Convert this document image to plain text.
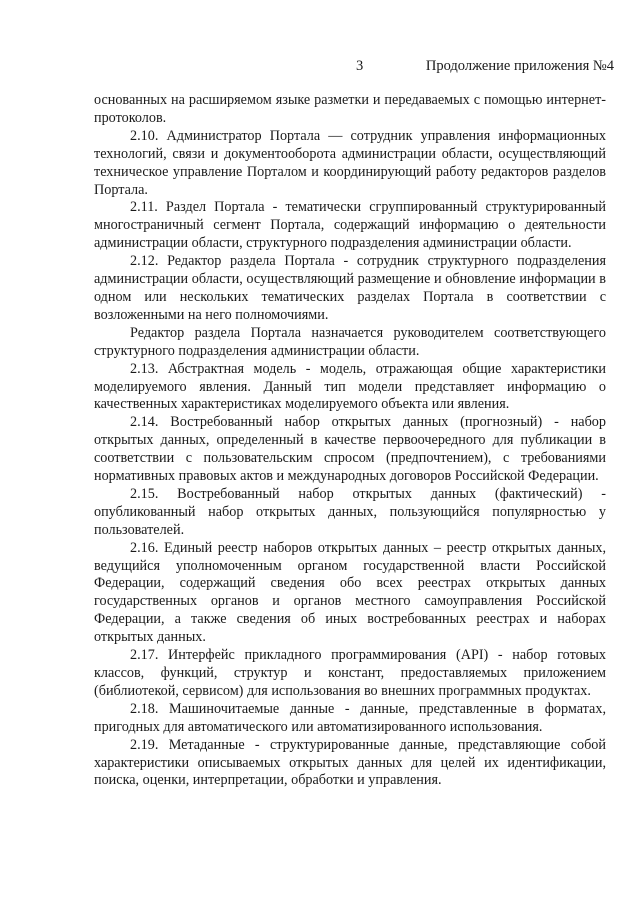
3	Продолжение приложения №4

основанных на расширяемом языке разметки и передаваемых с помощью интернет-протоколов.

2.10. Администратор Портала — сотрудник управления информационных технологий, связи и документооборота администрации области, осуществляющий техническое управление Порталом и координирующий работу редакторов разделов Портала.

2.11. Раздел Портала - тематически сгруппированный структурированный многостраничный сегмент Портала, содержащий информацию о деятельности администрации области, структурного подразделения администрации области.

2.12. Редактор раздела Портала - сотрудник структурного подразделения администрации области, осуществляющий размещение и обновление информации в одном или нескольких тематических разделах Портала в соответствии с возложенными на него полномочиями.

Редактор раздела Портала назначается руководителем соответствующего структурного подразделения администрации области.

2.13. Абстрактная модель - модель, отражающая общие характеристики моделируемого явления. Данный тип модели представляет информацию о качественных характеристиках моделируемого объекта или явления.

2.14. Востребованный набор открытых данных (прогнозный) - набор открытых данных, определенный в качестве первоочередного для публикации в соответствии с пользовательским спросом (предпочтением), с требованиями нормативных правовых актов и международных договоров Российской Федерации.

2.15. Востребованный набор открытых данных (фактический) - опубликованный набор открытых данных, пользующийся популярностью у пользователей.

2.16. Единый реестр наборов открытых данных – реестр открытых данных, ведущийся уполномоченным органом государственной власти Российской Федерации, содержащий сведения обо всех реестрах открытых данных государственных органов и органов местного самоуправления Российской Федерации, а также сведения об иных востребованных реестрах и наборах открытых данных.

2.17. Интерфейс прикладного программирования (API) - набор готовых классов, функций, структур и констант, предоставляемых приложением (библиотекой, сервисом) для использования во внешних программных продуктах.

2.18. Машиночитаемые данные - данные, представленные в форматах, пригодных для автоматического или автоматизированного использования.

2.19. Метаданные - структурированные данные, представляющие собой характеристики описываемых открытых данных для целей их идентификации, поиска, оценки, интерпретации, обработки и управления.
